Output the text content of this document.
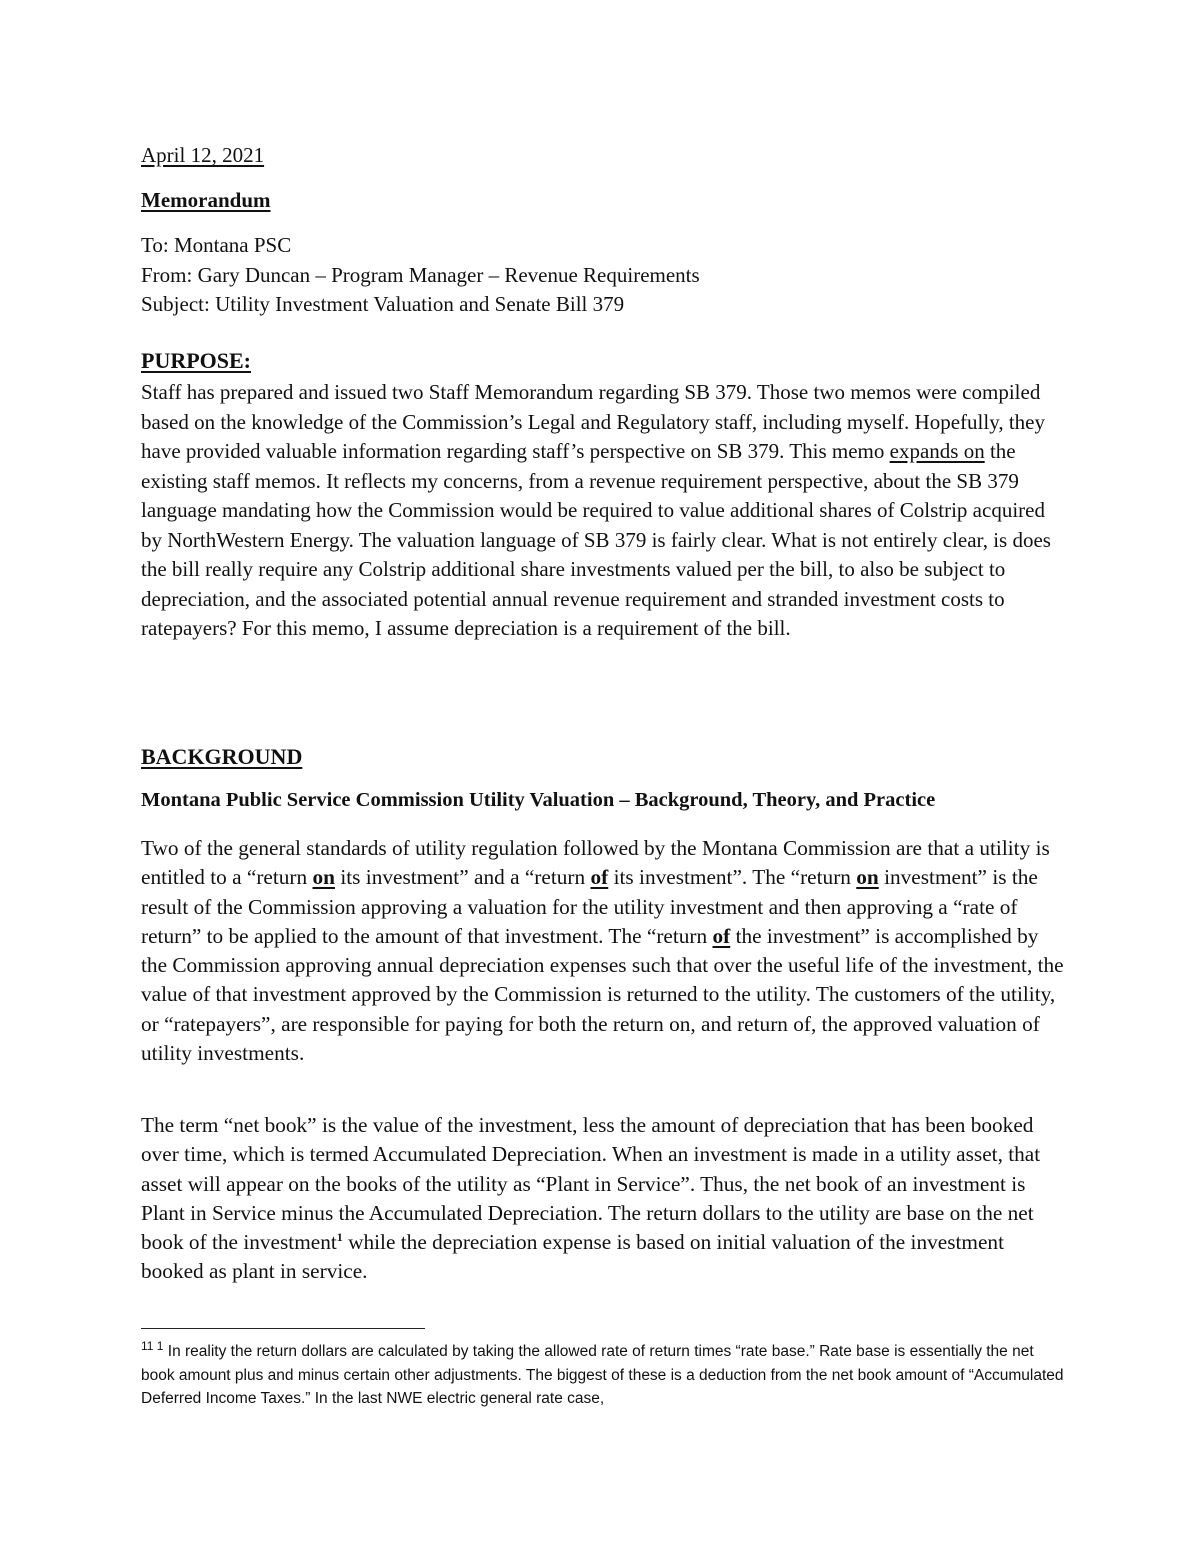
April 12, 2021

Memorandum

To: Montana PSC
From: Gary Duncan – Program Manager – Revenue Requirements
Subject: Utility Investment Valuation and Senate Bill 379

PURPOSE:

Staff has prepared and issued two Staff Memorandum regarding SB 379. Those two memos were compiled based on the knowledge of the Commission’s Legal and Regulatory staff, including myself. Hopefully, they have provided valuable information regarding staff’s perspective on SB 379. This memo expands on the existing staff memos. It reflects my concerns, from a revenue requirement perspective, about the SB 379 language mandating how the Commission would be required to value additional shares of Colstrip acquired by NorthWestern Energy. The valuation language of SB 379 is fairly clear. What is not entirely clear, is does the bill really require any Colstrip additional share investments valued per the bill, to also be subject to depreciation, and the associated potential annual revenue requirement and stranded investment costs to ratepayers? For this memo, I assume depreciation is a requirement of the bill.

BACKGROUND

Montana Public Service Commission Utility Valuation – Background, Theory, and Practice

Two of the general standards of utility regulation followed by the Montana Commission are that a utility is entitled to a “return on its investment” and a “return of its investment”. The “return on investment” is the result of the Commission approving a valuation for the utility investment and then approving a “rate of return” to be applied to the amount of that investment. The “return of the investment” is accomplished by the Commission approving annual depreciation expenses such that over the useful life of the investment, the value of that investment approved by the Commission is returned to the utility. The customers of the utility, or “ratepayers”, are responsible for paying for both the return on, and return of, the approved valuation of utility investments.

The term “net book” is the value of the investment, less the amount of depreciation that has been booked over time, which is termed Accumulated Depreciation. When an investment is made in a utility asset, that asset will appear on the books of the utility as “Plant in Service”. Thus, the net book of an investment is Plant in Service minus the Accumulated Depreciation. The return dollars to the utility are base on the net book of the investment$^1$ while the depreciation expense is based on initial valuation of the investment booked as plant in service.

$^{11 1}$ In reality the return dollars are calculated by taking the allowed rate of return times “rate base.” Rate base is essentially the net book amount plus and minus certain other adjustments. The biggest of these is a deduction from the net book amount of “Accumulated Deferred Income Taxes.” In the last NWE electric general rate case,
